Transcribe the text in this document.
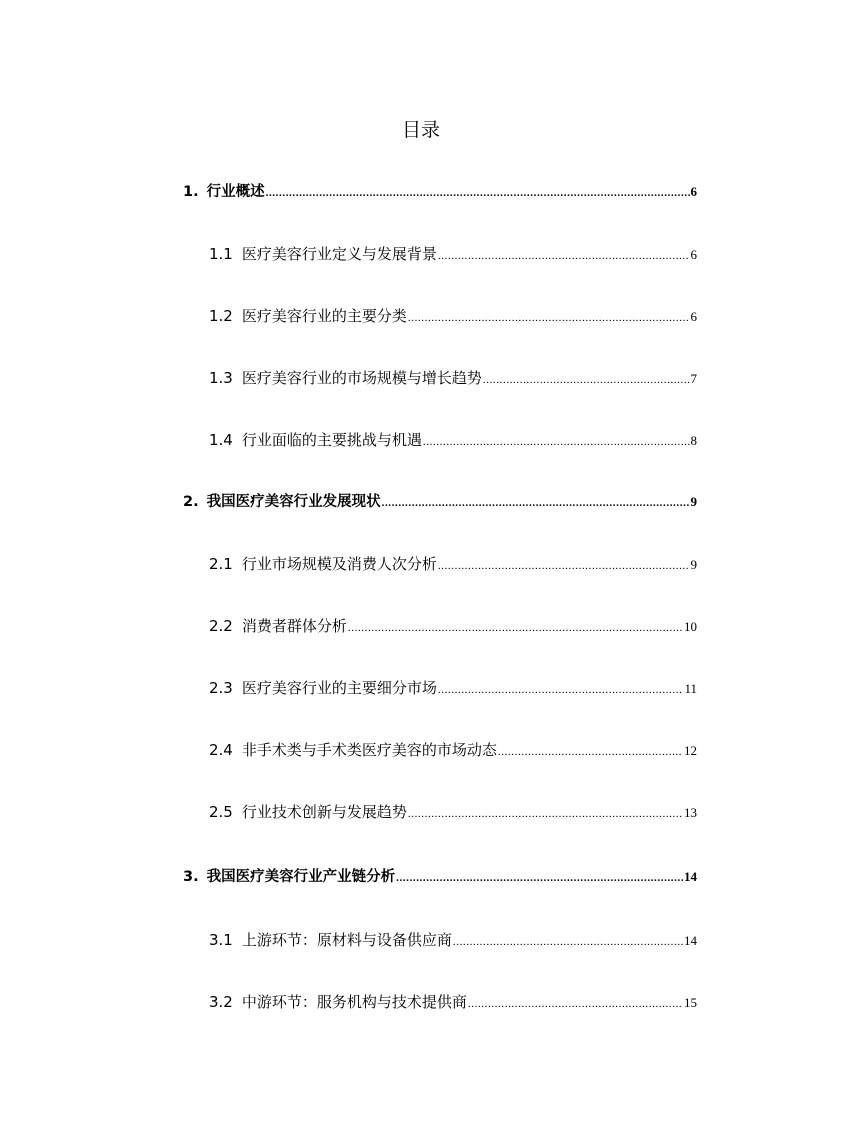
目录
1. 行业概述 .....	6
1.1 医疗美容行业定义与发展背景 .....	6
1.2 医疗美容行业的主要分类 .....	6
1.3 医疗美容行业的市场规模与增长趋势 .....	7
1.4 行业面临的主要挑战与机遇 .....	8
2. 我国医疗美容行业发展现状 .....	9
2.1 行业市场规模及消费人次分析 .....	9
2.2 消费者群体分析 .....	10
2.3 医疗美容行业的主要细分市场 .....	11
2.4 非手术类与手术类医疗美容的市场动态 .....	12
2.5 行业技术创新与发展趋势 .....	13
3. 我国医疗美容行业产业链分析 .....	14
3.1 上游环节：原材料与设备供应商 .....	14
3.2 中游环节：服务机构与技术提供商 .....	15
